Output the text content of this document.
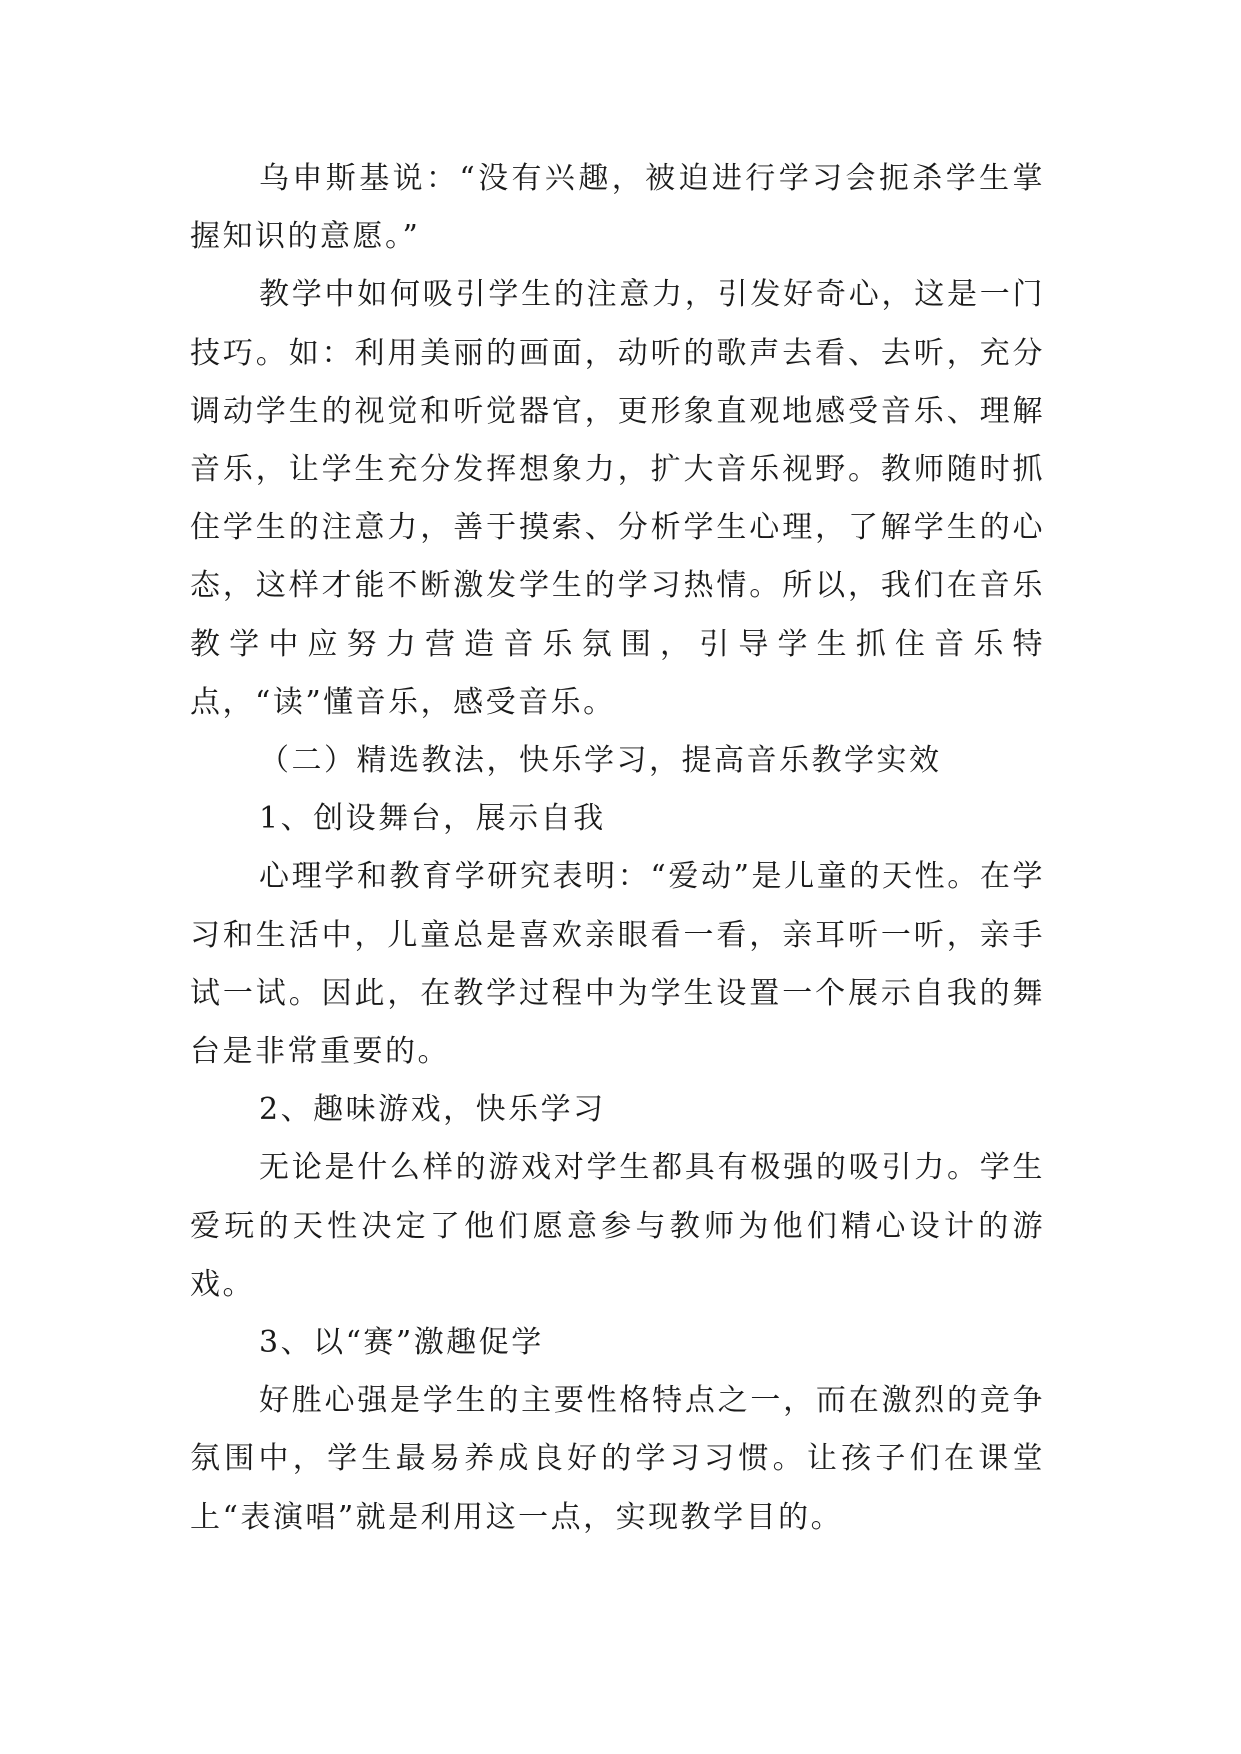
乌申斯基说：“没有兴趣，被迫进行学习会扼杀学生掌握知识的意愿。”

教学中如何吸引学生的注意力，引发好奇心，这是一门技巧。如：利用美丽的画面，动听的歌声去看、去听，充分调动学生的视觉和听觉器官，更形象直观地感受音乐、理解音乐，让学生充分发挥想象力，扩大音乐视野。教师随时抓住学生的注意力，善于摸索、分析学生心理，了解学生的心态，这样才能不断激发学生的学习热情。所以，我们在音乐教学中应努力营造音乐氛围，引导学生抓住音乐特点，“读”懂音乐，感受音乐。

（二）精选教法，快乐学习，提高音乐教学实效

1、创设舞台，展示自我

心理学和教育学研究表明：“爱动”是儿童的天性。在学习和生活中，儿童总是喜欢亲眼看一看，亲耳听一听，亲手试一试。因此，在教学过程中为学生设置一个展示自我的舞台是非常重要的。

2、趣味游戏，快乐学习

无论是什么样的游戏对学生都具有极强的吸引力。学生爱玩的天性决定了他们愿意参与教师为他们精心设计的游戏。

3、以“赛”激趣促学

好胜心强是学生的主要性格特点之一，而在激烈的竞争氛围中，学生最易养成良好的学习习惯。让孩子们在课堂上“表演唱”就是利用这一点，实现教学目的。
